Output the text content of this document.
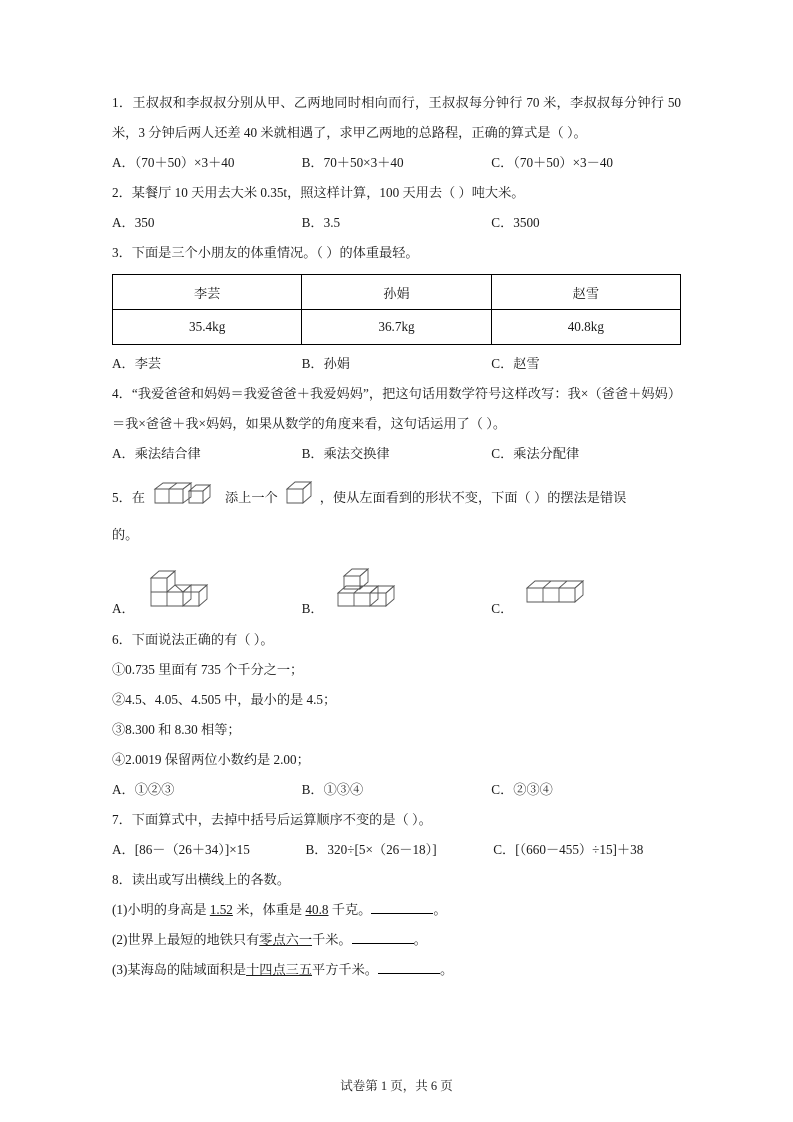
1．王叔叔和李叔叔分别从甲、乙两地同时相向而行，王叔叔每分钟行 70 米，李叔叔每分钟行 50 米，3 分钟后两人还差 40 米就相遇了，求甲乙两地的总路程，正确的算式是（ ）。
A．（70＋50）×3＋40	B．70＋50×3＋40	C．（70＋50）×3－40
2．某餐厅 10 天用去大米 0.35t，照这样计算，100 天用去（ ）吨大米。
A．350	B．3.5	C．3500
3．下面是三个小朋友的体重情况。（ ）的体重最轻。
李芸	孙娟	赵雪
35.4kg	36.7kg	40.8kg
A．李芸	B．孙娟	C．赵雪
4．“我爱爸爸和妈妈＝我爱爸爸＋我爱妈妈”，把这句话用数学符号这样改写：我×（爸爸＋妈妈）＝我×爸爸＋我×妈妈，如果从数学的角度来看，这句话运用了（ ）。
A．乘法结合律	B．乘法交换律	C．乘法分配律
5． 在	添上一个	，使从左面看到的形状不变，下面（ ）的摆法是错误
的。
A．	B．	C．
6．下面说法正确的有（ ）。
①0.735 里面有 735 个千分之一；
②4.5、4.05、4.505 中，最小的是 4.5；
③8.300 和 8.30 相等；
④2.0019 保留两位小数约是 2.00；
A．①②③	B．①③④	C．②③④
7．下面算式中，去掉中括号后运算顺序不变的是（ ）。
A．[86－（26＋34）]×15	B．320÷[5×（26－18）]	C．[（660－455）÷15]＋38
8．读出或写出横线上的各数。
(1)小明的身高是 1.52 米，体重是 40.8 千克。	。
(2)世界上最短的地铁只有零点六一千米。	。
(3)某海岛的陆域面积是十四点三五平方千米。	。
试卷第 1 页，共 6 页
